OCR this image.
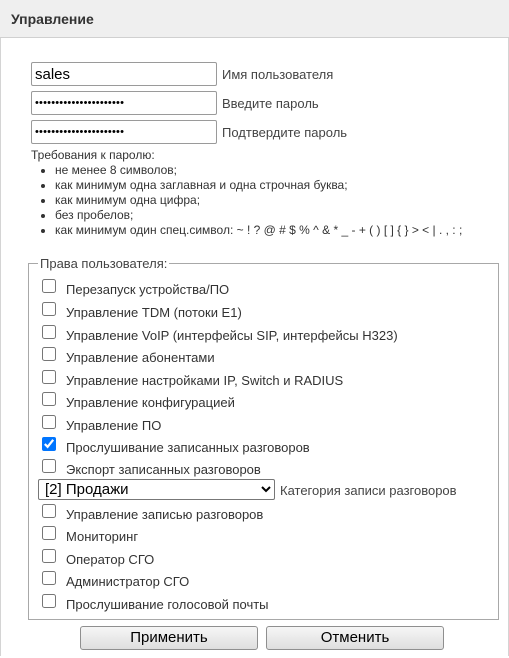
Управление
sales
Имя пользователя
••••••••••••••••••••••
Введите пароль
••••••••••••••••••••••
Подтвердите пароль
Требования к паролю:
• не менее 8 символов;
• как минимум одна заглавная и одна строчная буква;
• как минимум одна цифра;
• без пробелов;
• как минимум один спец.символ: ~ ! ? @ # $ % ^ & * _ - + ( ) [ ] { } > < | . , : ;
Права пользователя:
Перезапуск устройства/ПО
Управление TDM (потоки E1)
Управление VoIP (интерфейсы SIP, интерфейсы H323)
Управление абонентами
Управление настройками IP, Switch и RADIUS
Управление конфигурацией
Управление ПО
Прослушивание записанных разговоров
Экспорт записанных разговоров
[2] Продажи
Категория записи разговоров
Управление записью разговоров
Мониторинг
Оператор СГО
Администратор СГО
Прослушивание голосовой почты
Применить	Отменить
